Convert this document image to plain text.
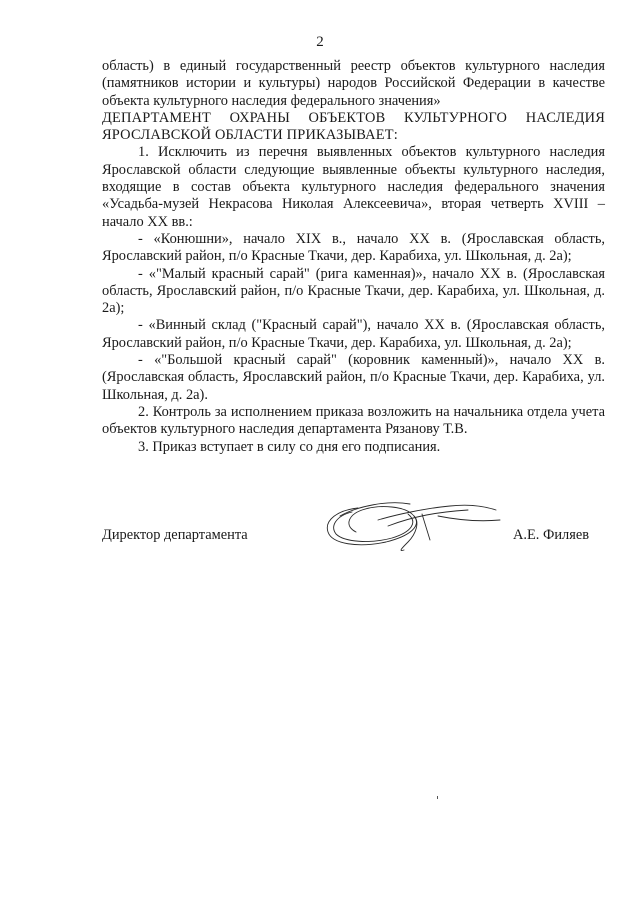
2

область) в единый государственный реестр объектов культурного наследия (памятников истории и культуры) народов Российской Федерации в качестве объекта культурного наследия федерального значения»

ДЕПАРТАМЕНТ ОХРАНЫ ОБЪЕКТОВ КУЛЬТУРНОГО НАСЛЕДИЯ ЯРОСЛАВСКОЙ ОБЛАСТИ ПРИКАЗЫВАЕТ:

1. Исключить из перечня выявленных объектов культурного наследия Ярославской области следующие выявленные объекты культурного наследия, входящие в состав объекта культурного наследия федерального значения «Усадьба-музей Некрасова Николая Алексеевича», вторая четверть XVIII – начало XX вв.:

- «Конюшни», начало XIX в., начало XX в. (Ярославская область, Ярославский район, п/о Красные Ткачи, дер. Карабиха, ул. Школьная, д. 2а);

- «"Малый красный сарай" (рига каменная)», начало XX в. (Ярославская область, Ярославский район, п/о Красные Ткачи, дер. Карабиха, ул. Школьная, д. 2а);

- «Винный склад ("Красный сарай"), начало XX в. (Ярославская область, Ярославский район, п/о Красные Ткачи, дер. Карабиха, ул. Школьная, д. 2а);

- «"Большой красный сарай" (коровник каменный)», начало XX в. (Ярославская область, Ярославский район, п/о Красные Ткачи, дер. Карабиха, ул. Школьная, д. 2а).

2. Контроль за исполнением приказа возложить на начальника отдела учета объектов культурного наследия департамента Рязанову Т.В.

3. Приказ вступает в силу со дня его подписания.

Директор департамента	А.Е. Филяев
